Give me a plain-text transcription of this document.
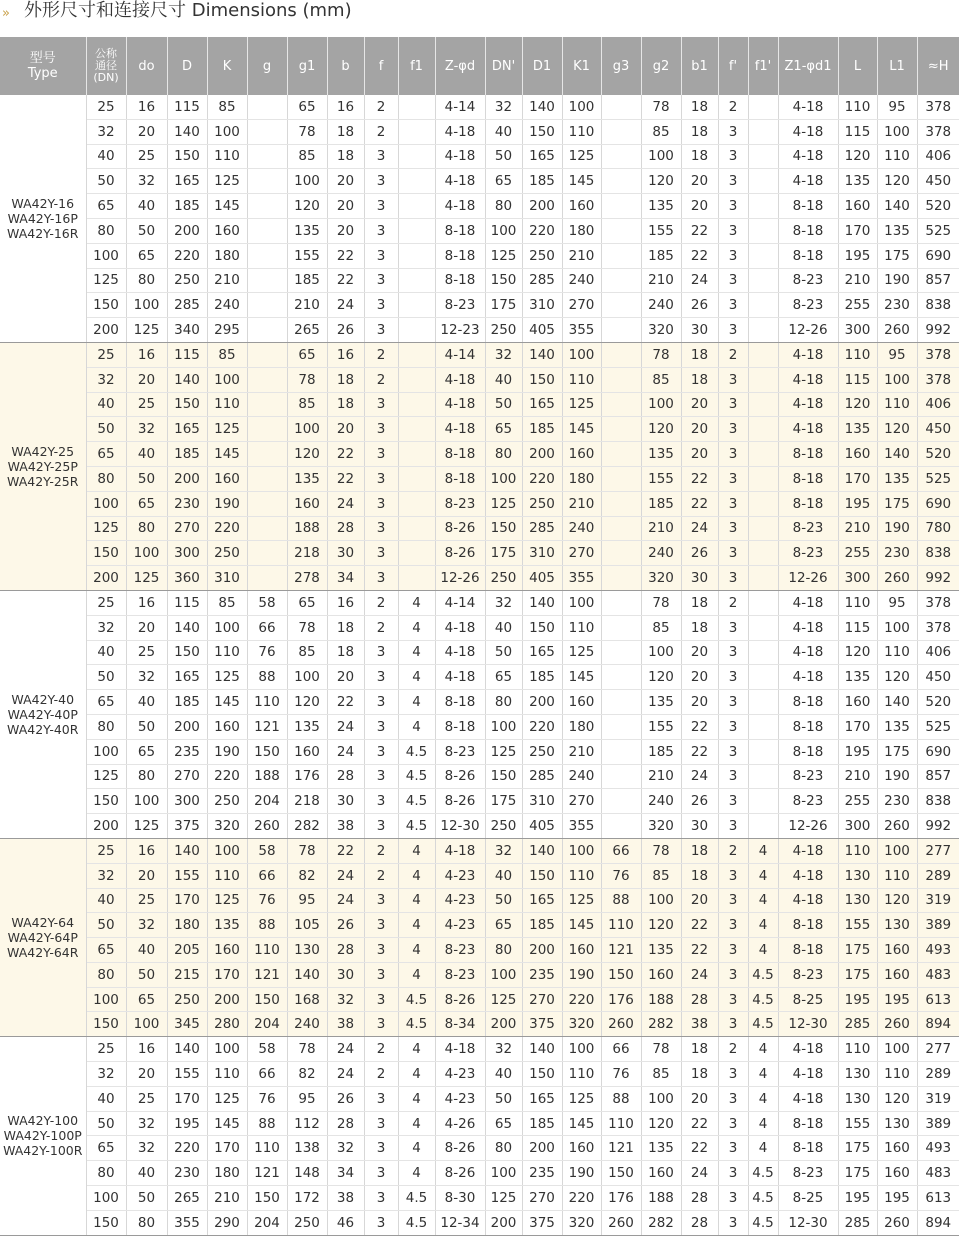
» 外形尺寸和连接尺寸 Dimensions (mm)
型号
Type	公称
通径
(DN)	do	D	K	g	g1	b	f	f1	Z-φd	DN'	D1	K1	g3	g2	b1	f'	f1'	Z1-φd1	L	L1	≈H
WA42Y-16
WA42Y-16P
WA42Y-16R	25	16	115	85		65	16	2		4-14	32	140	100		78	18	2		4-18	110	95	378
	32	20	140	100		78	18	2		4-18	40	150	110		85	18	3		4-18	115	100	378
	40	25	150	110		85	18	3		4-18	50	165	125		100	18	3		4-18	120	110	406
	50	32	165	125		100	20	3		4-18	65	185	145		120	20	3		4-18	135	120	450
	65	40	185	145		120	20	3		4-18	80	200	160		135	20	3		8-18	160	140	520
	80	50	200	160		135	20	3		8-18	100	220	180		155	22	3		8-18	170	135	525
	100	65	220	180		155	22	3		8-18	125	250	210		185	22	3		8-18	195	175	690
	125	80	250	210		185	22	3		8-18	150	285	240		210	24	3		8-23	210	190	857
	150	100	285	240		210	24	3		8-23	175	310	270		240	26	3		8-23	255	230	838
	200	125	340	295		265	26	3		12-23	250	405	355		320	30	3		12-26	300	260	992
WA42Y-25
WA42Y-25P
WA42Y-25R	25	16	115	85		65	16	2		4-14	32	140	100		78	18	2		4-18	110	95	378
	32	20	140	100		78	18	2		4-18	40	150	110		85	18	3		4-18	115	100	378
	40	25	150	110		85	18	3		4-18	50	165	125		100	20	3		4-18	120	110	406
	50	32	165	125		100	20	3		4-18	65	185	145		120	20	3		4-18	135	120	450
	65	40	185	145		120	22	3		8-18	80	200	160		135	20	3		8-18	160	140	520
	80	50	200	160		135	22	3		8-18	100	220	180		155	22	3		8-18	170	135	525
	100	65	230	190		160	24	3		8-23	125	250	210		185	22	3		8-18	195	175	690
	125	80	270	220		188	28	3		8-26	150	285	240		210	24	3		8-23	210	190	780
	150	100	300	250		218	30	3		8-26	175	310	270		240	26	3		8-23	255	230	838
	200	125	360	310		278	34	3		12-26	250	405	355		320	30	3		12-26	300	260	992
WA42Y-40
WA42Y-40P
WA42Y-40R	25	16	115	85	58	65	16	2	4	4-14	32	140	100		78	18	2		4-18	110	95	378
	32	20	140	100	66	78	18	2	4	4-18	40	150	110		85	18	3		4-18	115	100	378
	40	25	150	110	76	85	18	3	4	4-18	50	165	125		100	20	3		4-18	120	110	406
	50	32	165	125	88	100	20	3	4	4-18	65	185	145		120	20	3		4-18	135	120	450
	65	40	185	145	110	120	22	3	4	8-18	80	200	160		135	20	3		8-18	160	140	520
	80	50	200	160	121	135	24	3	4	8-18	100	220	180		155	22	3		8-18	170	135	525
	100	65	235	190	150	160	24	3	4.5	8-23	125	250	210		185	22	3		8-18	195	175	690
	125	80	270	220	188	176	28	3	4.5	8-26	150	285	240		210	24	3		8-23	210	190	857
	150	100	300	250	204	218	30	3	4.5	8-26	175	310	270		240	26	3		8-23	255	230	838
	200	125	375	320	260	282	38	3	4.5	12-30	250	405	355		320	30	3		12-26	300	260	992
WA42Y-64
WA42Y-64P
WA42Y-64R	25	16	140	100	58	78	22	2	4	4-18	32	140	100	66	78	18	2	4	4-18	110	100	277
	32	20	155	110	66	82	24	2	4	4-23	40	150	110	76	85	18	3	4	4-18	130	110	289
	40	25	170	125	76	95	24	3	4	4-23	50	165	125	88	100	20	3	4	4-18	130	120	319
	50	32	180	135	88	105	26	3	4	4-23	65	185	145	110	120	22	3	4	8-18	155	130	389
	65	40	205	160	110	130	28	3	4	8-23	80	200	160	121	135	22	3	4	8-18	175	160	493
	80	50	215	170	121	140	30	3	4	8-23	100	235	190	150	160	24	3	4.5	8-23	175	160	483
	100	65	250	200	150	168	32	3	4.5	8-26	125	270	220	176	188	28	3	4.5	8-25	195	195	613
	150	100	345	280	204	240	38	3	4.5	8-34	200	375	320	260	282	38	3	4.5	12-30	285	260	894
WA42Y-100
WA42Y-100P
WA42Y-100R	25	16	140	100	58	78	24	2	4	4-18	32	140	100	66	78	18	2	4	4-18	110	100	277
	32	20	155	110	66	82	24	2	4	4-23	40	150	110	76	85	18	3	4	4-18	130	110	289
	40	25	170	125	76	95	26	3	4	4-23	50	165	125	88	100	20	3	4	4-18	130	120	319
	50	32	195	145	88	112	28	3	4	4-26	65	185	145	110	120	22	3	4	8-18	155	130	389
	65	32	220	170	110	138	32	3	4	8-26	80	200	160	121	135	22	3	4	8-18	175	160	493
	80	40	230	180	121	148	34	3	4	8-26	100	235	190	150	160	24	3	4.5	8-23	175	160	483
	100	50	265	210	150	172	38	3	4.5	8-30	125	270	220	176	188	28	3	4.5	8-25	195	195	613
	150	80	355	290	204	250	46	3	4.5	12-34	200	375	320	260	282	28	3	4.5	12-30	285	260	894
